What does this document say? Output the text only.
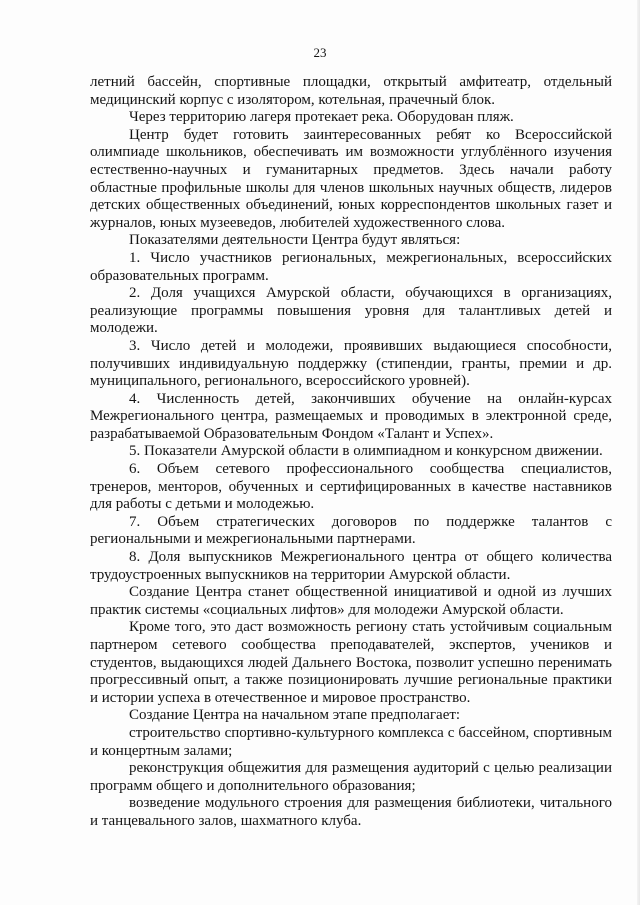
23

летний бассейн, спортивные площадки, открытый амфитеатр, отдельный медицинский корпус с изолятором, котельная, прачечный блок.

Через территорию лагеря протекает река. Оборудован пляж.

Центр будет готовить заинтересованных ребят ко Всероссийской олимпиаде школьников, обеспечивать им возможности углублённого изучения естественно-научных и гуманитарных предметов. Здесь начали работу областные профильные школы для членов школьных научных обществ, лидеров детских общественных объединений, юных корреспондентов школьных газет и журналов, юных музееведов, любителей художественного слова.

Показателями деятельности Центра будут являться:

1. Число участников региональных, межрегиональных, всероссийских образовательных программ.

2. Доля учащихся Амурской области, обучающихся в организациях, реализующие программы повышения уровня для талантливых детей и молодежи.

3. Число детей и молодежи, проявивших выдающиеся способности, получивших индивидуальную поддержку (стипендии, гранты, премии и др. муниципального, регионального, всероссийского уровней).

4. Численность детей, закончивших обучение на онлайн-курсах Межрегионального центра, размещаемых и проводимых в электронной среде, разрабатываемой Образовательным Фондом «Талант и Успех».

5. Показатели Амурской области в олимпиадном и конкурсном движении.

6. Объем сетевого профессионального сообщества специалистов, тренеров, менторов, обученных и сертифицированных в качестве наставников для работы с детьми и молодежью.

7. Объем стратегических договоров по поддержке талантов с региональными и межрегиональными партнерами.

8. Доля выпускников Межрегионального центра от общего количества трудоустроенных выпускников на территории Амурской области.

Создание Центра станет общественной инициативой и одной из лучших практик системы «социальных лифтов» для молодежи Амурской области.

Кроме того, это даст возможность региону стать устойчивым социальным партнером сетевого сообщества преподавателей, экспертов, учеников и студентов, выдающихся людей Дальнего Востока, позволит успешно перенимать прогрессивный опыт, а также позиционировать лучшие региональные практики и истории успеха в отечественное и мировое пространство.

Создание Центра на начальном этапе предполагает:

строительство спортивно-культурного комплекса с бассейном, спортивным и концертным залами;

реконструкция общежития для размещения аудиторий с целью реализации программ общего и дополнительного образования;

возведение модульного строения для размещения библиотеки, читального и танцевального залов, шахматного клуба.
